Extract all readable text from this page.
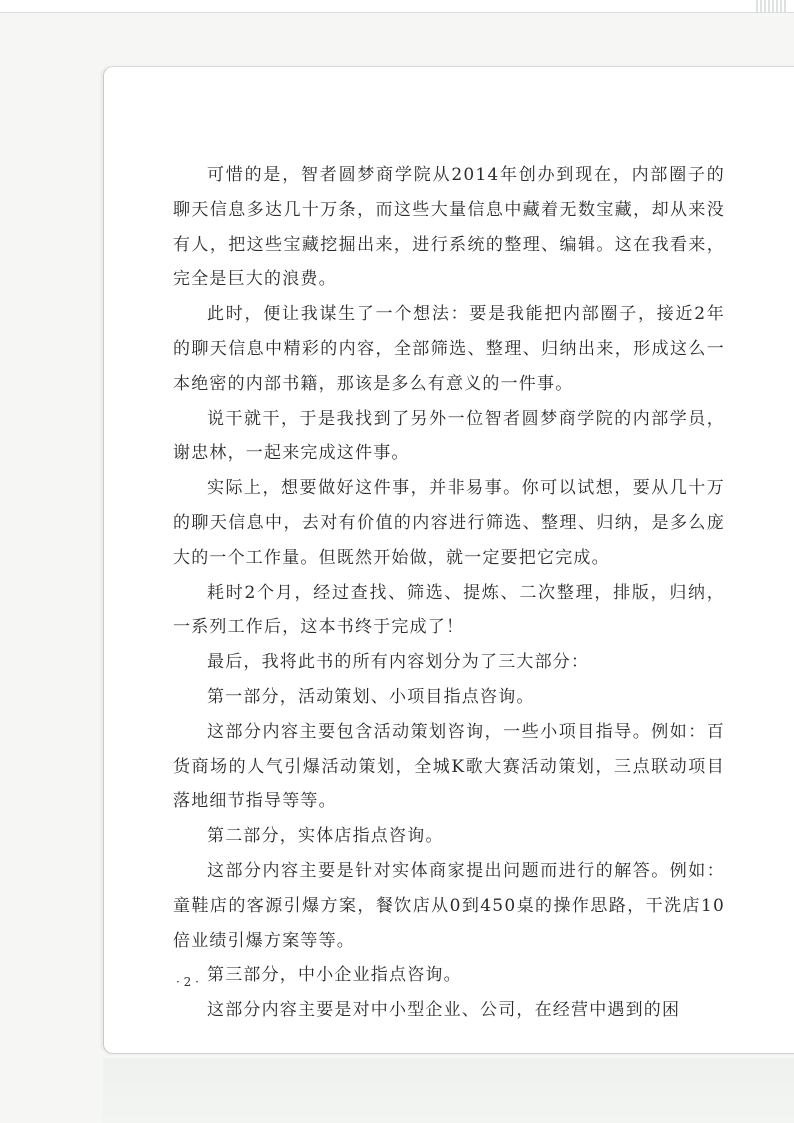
可惜的是，智者圆梦商学院从2014年创办到现在，内部圈子的聊天信息多达几十万条，而这些大量信息中藏着无数宝藏，却从来没有人，把这些宝藏挖掘出来，进行系统的整理、编辑。这在我看来，完全是巨大的浪费。

此时，便让我谋生了一个想法：要是我能把内部圈子，接近2年的聊天信息中精彩的内容，全部筛选、整理、归纳出来，形成这么一本绝密的内部书籍，那该是多么有意义的一件事。

说干就干，于是我找到了另外一位智者圆梦商学院的内部学员，谢忠林，一起来完成这件事。

实际上，想要做好这件事，并非易事。你可以试想，要从几十万的聊天信息中，去对有价值的内容进行筛选、整理、归纳，是多么庞大的一个工作量。但既然开始做，就一定要把它完成。

耗时2个月，经过查找、筛选、提炼、二次整理，排版，归纳，一系列工作后，这本书终于完成了！

最后，我将此书的所有内容划分为了三大部分：

第一部分，活动策划、小项目指点咨询。

这部分内容主要包含活动策划咨询，一些小项目指导。例如：百货商场的人气引爆活动策划，全城K歌大赛活动策划，三点联动项目落地细节指导等等。

第二部分，实体店指点咨询。

这部分内容主要是针对实体商家提出问题而进行的解答。例如：童鞋店的客源引爆方案，餐饮店从0到450桌的操作思路，干洗店10倍业绩引爆方案等等。

第三部分，中小企业指点咨询。

这部分内容主要是对中小型企业、公司，在经营中遇到的困

· 2 ·
